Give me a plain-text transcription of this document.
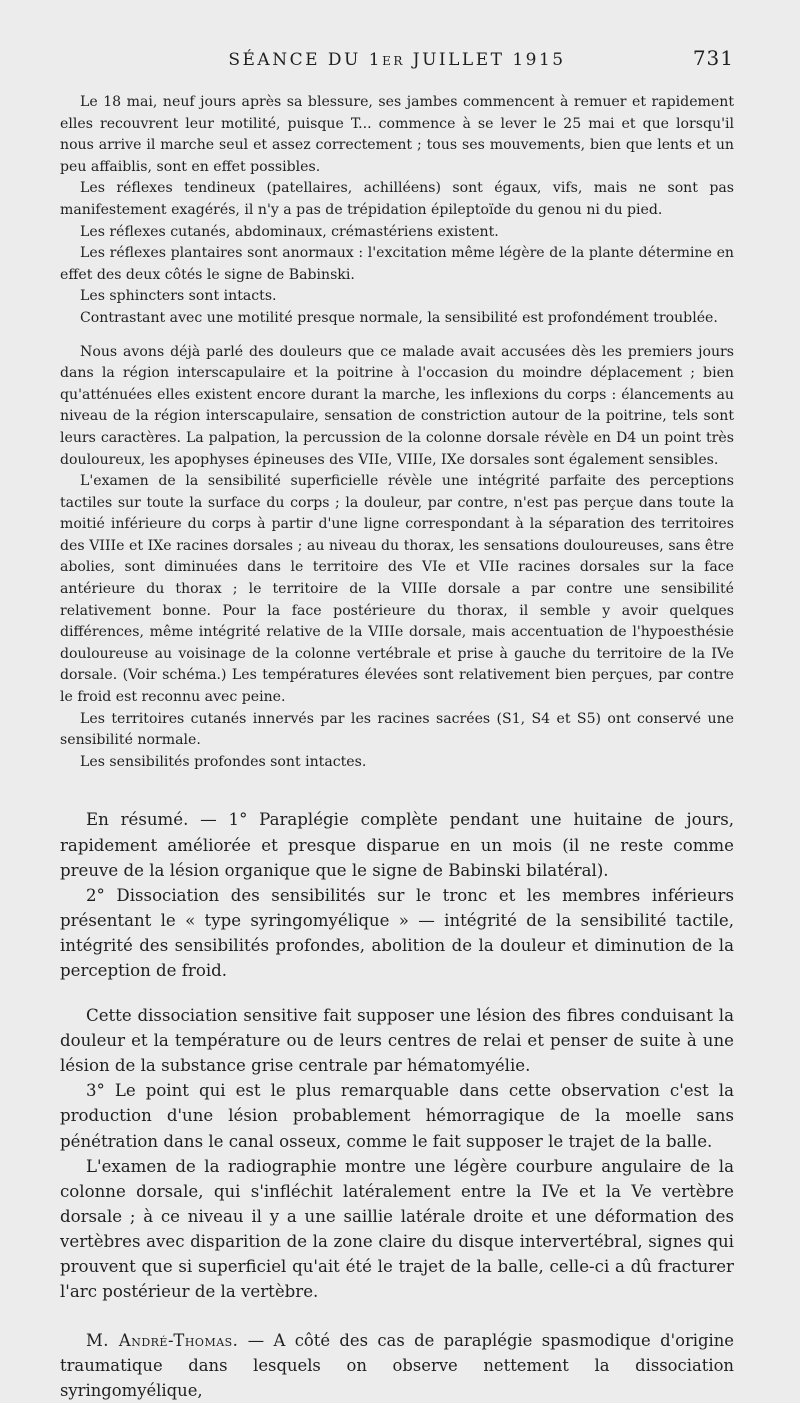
SÉANCE DU 1er JUILLET 1915	731

Le 18 mai, neuf jours après sa blessure, ses jambes commencent à remuer et rapidement elles recouvrent leur motilité, puisque T... commence à se lever le 25 mai et que lorsqu'il nous arrive il marche seul et assez correctement ; tous ses mouvements, bien que lents et un peu affaiblis, sont en effet possibles.

Les réflexes tendineux (patellaires, achilléens) sont égaux, vifs, mais ne sont pas manifestement exagérés, il n'y a pas de trépidation épileptoïde du genou ni du pied.

Les réflexes cutanés, abdominaux, crémastériens existent.

Les réflexes plantaires sont anormaux : l'excitation même légère de la plante détermine en effet des deux côtés le signe de Babinski.

Les sphincters sont intacts.

Contrastant avec une motilité presque normale, la sensibilité est profondément troublée.

Nous avons déjà parlé des douleurs que ce malade avait accusées dès les premiers jours dans la région interscapulaire et la poitrine à l'occasion du moindre déplacement ; bien qu'atténuées elles existent encore durant la marche, les inflexions du corps : élancements au niveau de la région interscapulaire, sensation de constriction autour de la poitrine, tels sont leurs caractères. La palpation, la percussion de la colonne dorsale révèle en D4 un point très douloureux, les apophyses épineuses des VIIe, VIIIe, IXe dorsales sont également sensibles.

L'examen de la sensibilité superficielle révèle une intégrité parfaite des perceptions tactiles sur toute la surface du corps ; la douleur, par contre, n'est pas perçue dans toute la moitié inférieure du corps à partir d'une ligne correspondant à la séparation des territoires des VIIIe et IXe racines dorsales ; au niveau du thorax, les sensations douloureuses, sans être abolies, sont diminuées dans le territoire des VIe et VIIe racines dorsales sur la face antérieure du thorax ; le territoire de la VIIIe dorsale a par contre une sensibilité relativement bonne. Pour la face postérieure du thorax, il semble y avoir quelques différences, même intégrité relative de la VIIIe dorsale, mais accentuation de l'hypoesthésie douloureuse au voisinage de la colonne vertébrale et prise à gauche du territoire de la IVe dorsale. (Voir schéma.) Les températures élevées sont relativement bien perçues, par contre le froid est reconnu avec peine.

Les territoires cutanés innervés par les racines sacrées (S1, S4 et S5) ont conservé une sensibilité normale.

Les sensibilités profondes sont intactes.

En résumé. — 1° Paraplégie complète pendant une huitaine de jours, rapidement améliorée et presque disparue en un mois (il ne reste comme preuve de la lésion organique que le signe de Babinski bilatéral).

2° Dissociation des sensibilités sur le tronc et les membres inférieurs présentant le « type syringomyélique » — intégrité de la sensibilité tactile, intégrité des sensibilités profondes, abolition de la douleur et diminution de la perception de froid.

Cette dissociation sensitive fait supposer une lésion des fibres conduisant la douleur et la température ou de leurs centres de relai et penser de suite à une lésion de la substance grise centrale par hématomyélie.

3° Le point qui est le plus remarquable dans cette observation c'est la production d'une lésion probablement hémorragique de la moelle sans pénétration dans le canal osseux, comme le fait supposer le trajet de la balle.

L'examen de la radiographie montre une légère courbure angulaire de la colonne dorsale, qui s'infléchit latéralement entre la IVe et la Ve vertèbre dorsale ; à ce niveau il y a une saillie latérale droite et une déformation des vertèbres avec disparition de la zone claire du disque intervertébral, signes qui prouvent que si superficiel qu'ait été le trajet de la balle, celle-ci a dû fracturer l'arc postérieur de la vertèbre.

M. André-Thomas. — A côté des cas de paraplégie spasmodique d'origine traumatique dans lesquels on observe nettement la dissociation syringomyélique,
